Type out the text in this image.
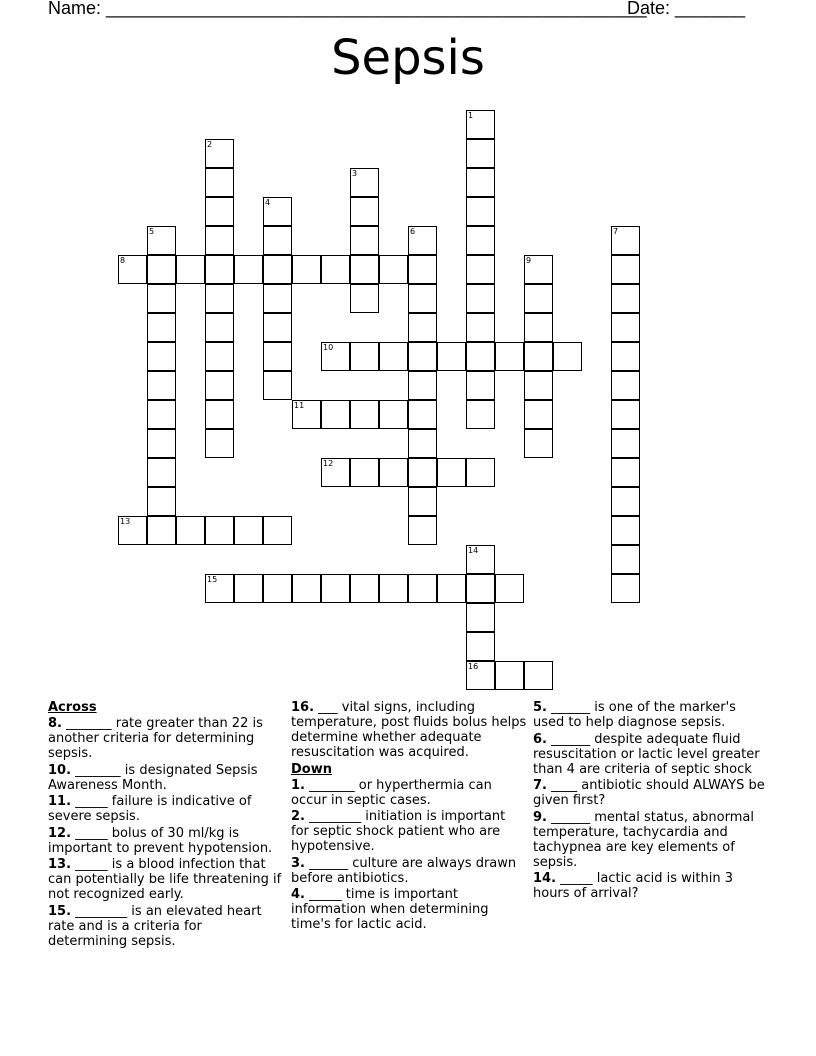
Name: ______________________________________________________
Date: _______
Sepsis
1
2
3
4
5	6	7
8	9
10
11
12
13
14
16
15
Across

8. _______ rate greater than 22 is another criteria for determining sepsis.

10. _______ is designated Sepsis Awareness Month.

11. _____ failure is indicative of severe sepsis.

12. _____ bolus of 30 ml/kg is important to prevent hypotension.

13. _____ is a blood infection that can potentially be life threatening if not recognized early.

15. ________ is an elevated heart rate and is a criteria for determining sepsis.

16. ___ vital signs, including temperature, post fluids bolus helps determine whether adequate resuscitation was acquired.

Down

1. _______ or hyperthermia can occur in septic cases.

2. ________ initiation is important for septic shock patient who are hypotensive.

3. ______ culture are always drawn before antibiotics.

4. _____ time is important information when determining time's for lactic acid.

5. ______ is one of the marker's used to help diagnose sepsis.

6. ______ despite adequate fluid resuscitation or lactic level greater than 4 are criteria of septic shock

7. ____ antibiotic should ALWAYS be given first?

9. ______ mental status, abnormal temperature, tachycardia and tachypnea are key elements of sepsis.

14. _____ lactic acid is within 3 hours of arrival?
